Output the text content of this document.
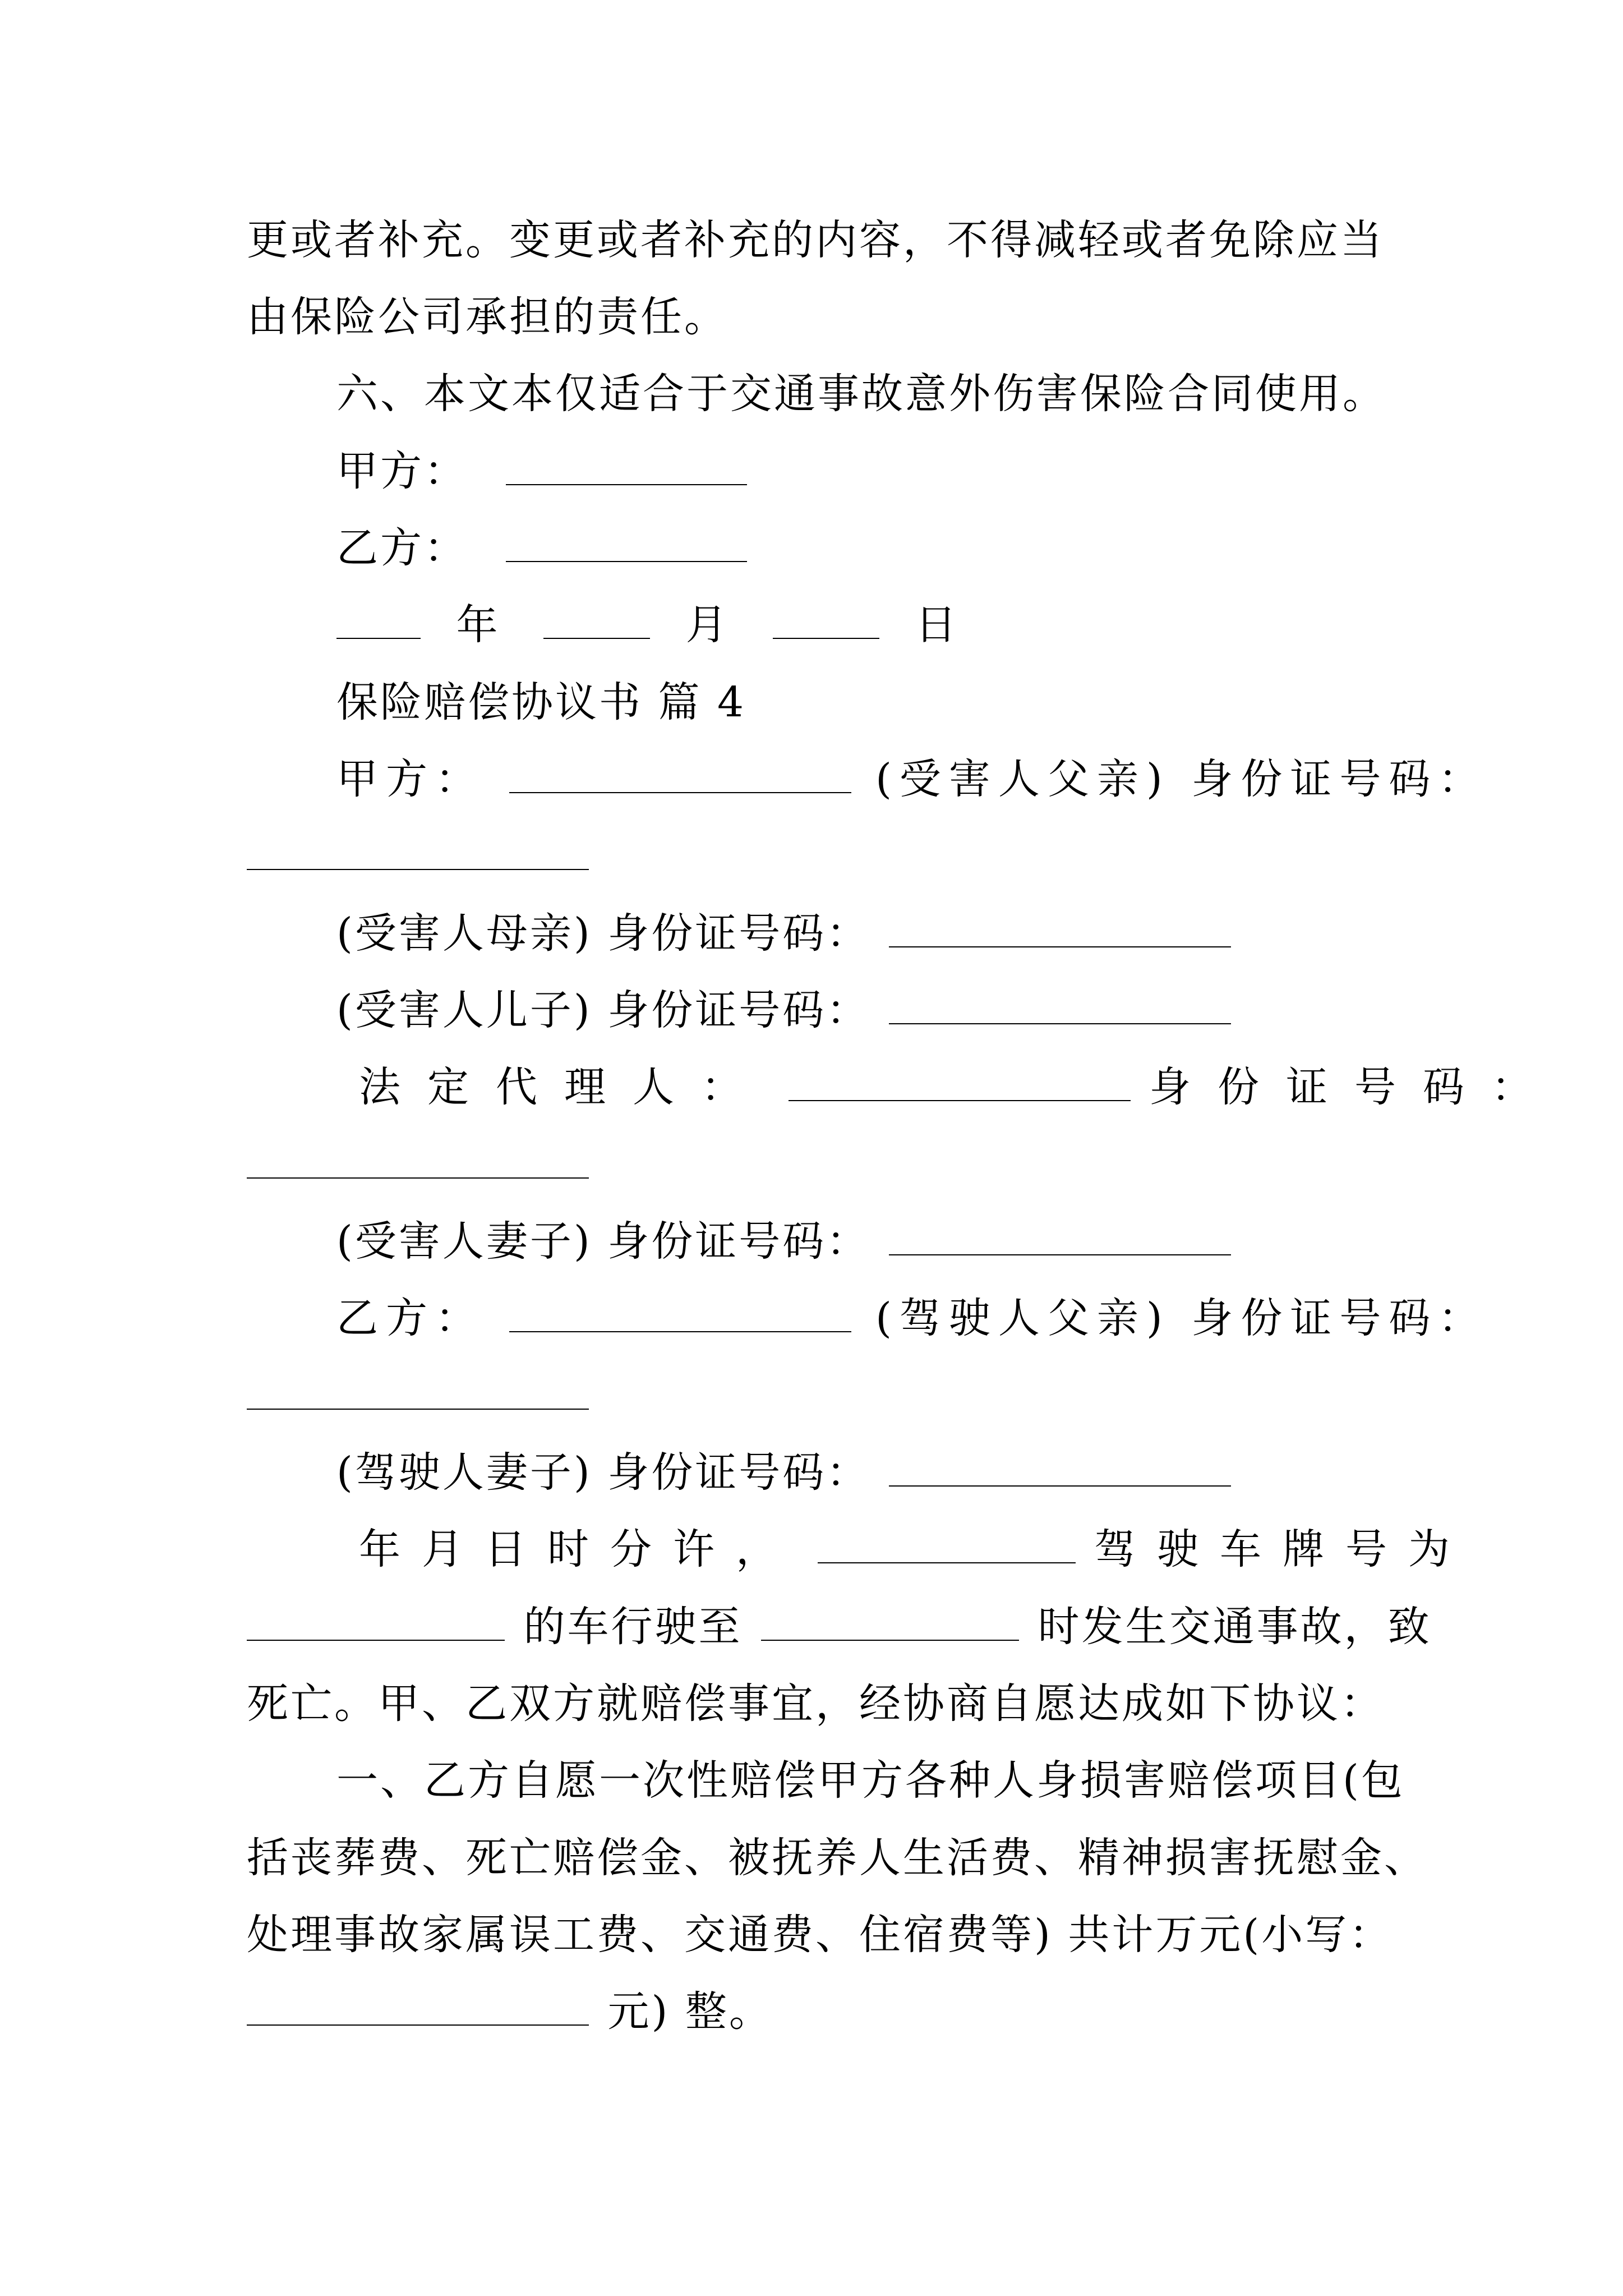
更或者补充。变更或者补充的内容，不得减轻或者免除应当
由保险公司承担的责任。
六、本文本仅适合于交通事故意外伤害保险合同使用。
甲方：
乙方：
年	月	日
保险赔偿协议书 篇 4
甲方：	(受害人父亲) 身份证号码：
(受害人母亲) 身份证号码：
(受害人儿子) 身份证号码：
法定代理人：	身份证号码：
(受害人妻子) 身份证号码：
乙方：	(驾驶人父亲) 身份证号码：
(驾驶人妻子) 身份证号码：
年月日时分许，	驾驶车牌号为
的车行驶至	时发生交通事故，致
死亡。甲、乙双方就赔偿事宜，经协商自愿达成如下协议：
一、乙方自愿一次性赔偿甲方各种人身损害赔偿项目(包
括丧葬费、死亡赔偿金、被抚养人生活费、精神损害抚慰金、
处理事故家属误工费、交通费、住宿费等) 共计万元(小写：
元) 整。
